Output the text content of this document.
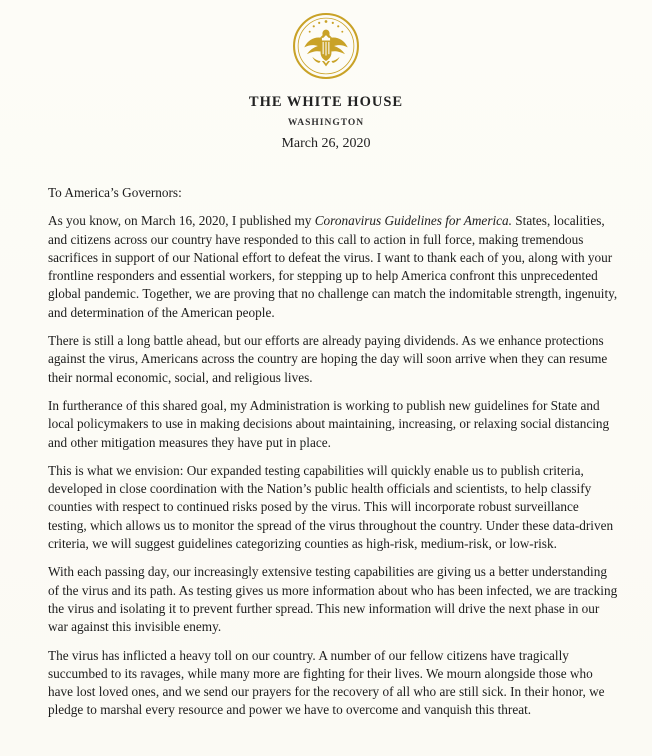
THE WHITE HOUSE
WASHINGTON
March 26, 2020

To America’s Governors:

As you know, on March 16, 2020, I published my Coronavirus Guidelines for America. States, localities, and citizens across our country have responded to this call to action in full force, making tremendous sacrifices in support of our National effort to defeat the virus. I want to thank each of you, along with your frontline responders and essential workers, for stepping up to help America confront this unprecedented global pandemic. Together, we are proving that no challenge can match the indomitable strength, ingenuity, and determination of the American people.

There is still a long battle ahead, but our efforts are already paying dividends. As we enhance protections against the virus, Americans across the country are hoping the day will soon arrive when they can resume their normal economic, social, and religious lives.

In furtherance of this shared goal, my Administration is working to publish new guidelines for State and local policymakers to use in making decisions about maintaining, increasing, or relaxing social distancing and other mitigation measures they have put in place.

This is what we envision: Our expanded testing capabilities will quickly enable us to publish criteria, developed in close coordination with the Nation’s public health officials and scientists, to help classify counties with respect to continued risks posed by the virus. This will incorporate robust surveillance testing, which allows us to monitor the spread of the virus throughout the country. Under these data-driven criteria, we will suggest guidelines categorizing counties as high-risk, medium-risk, or low-risk.

With each passing day, our increasingly extensive testing capabilities are giving us a better understanding of the virus and its path. As testing gives us more information about who has been infected, we are tracking the virus and isolating it to prevent further spread. This new information will drive the next phase in our war against this invisible enemy.

The virus has inflicted a heavy toll on our country. A number of our fellow citizens have tragically succumbed to its ravages, while many more are fighting for their lives. We mourn alongside those who have lost loved ones, and we send our prayers for the recovery of all who are still sick. In their honor, we pledge to marshal every resource and power we have to overcome and vanquish this threat.
